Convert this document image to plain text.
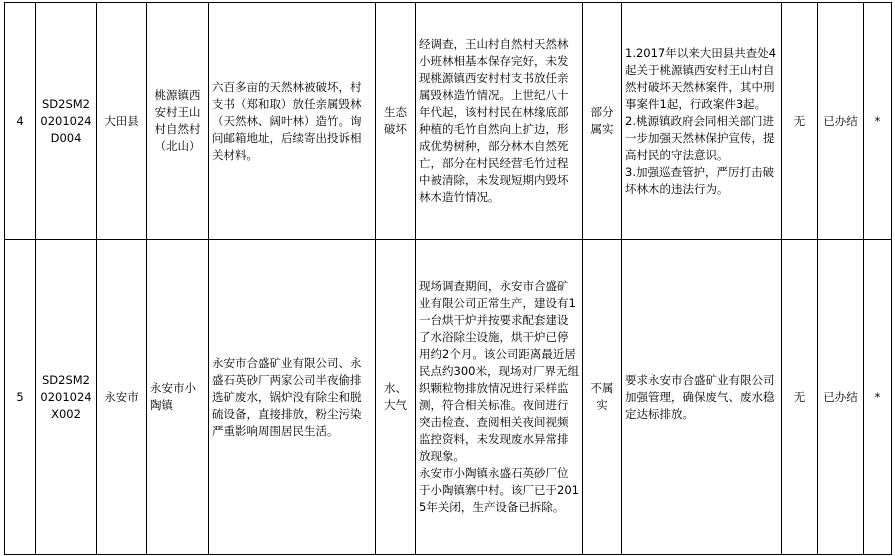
4	SD2SM20201024D004	大田县	桃源镇西安村王山村自然村（北山）	六百多亩的天然林被破坏，村支书（郑和取）放任亲属毁林（天然林、阔叶林）造竹。询问邮箱地址，后续寄出投诉相关材料。	生态破坏	经调查，王山村自然村天然林小班林相基本保存完好，未发现桃源镇西安村村支书放任亲属毁林造竹情况。上世纪八十年代起，该村村民在林缘底部种植的毛竹自然向上扩边，形成优势树种，部分林木自然死亡，部分在村民经营毛竹过程中被清除，未发现短期内毁坏林木造竹情况。	部分属实	1.2017年以来大田县共查处4起关于桃源镇西安村王山村自然村破坏天然林案件，其中刑事案件1起，行政案件3起。
2.桃源镇政府会同相关部门进一步加强天然林保护宣传，提高村民的守法意识。
3.加强巡查管护，严厉打击破坏林木的违法行为。	无	已办结	*
5	SD2SM20201024X002	永安市	永安市小陶镇	永安市合盛矿业有限公司、永盛石英砂厂两家公司半夜偷排选矿废水，锅炉没有除尘和脱硫设备，直接排放，粉尘污染严重影响周围居民生活。	水、大气	现场调查期间，永安市合盛矿业有限公司正常生产，建设有1一台烘干炉并按要求配套建设了水浴除尘设施，烘干炉已停用约2个月。该公司距离最近居民点约300米，现场对厂界无组织颗粒物排放情况进行采样监测，符合相关标准。夜间进行突击检查、查阅相关夜间视频监控资料，未发现废水异常排放现象。
永安市小陶镇永盛石英砂厂位于小陶镇寨中村。该厂已于2015年关闭，生产设备已拆除。	不属实	要求永安市合盛矿业有限公司加强管理，确保废气、废水稳定达标排放。	无	已办结	*
